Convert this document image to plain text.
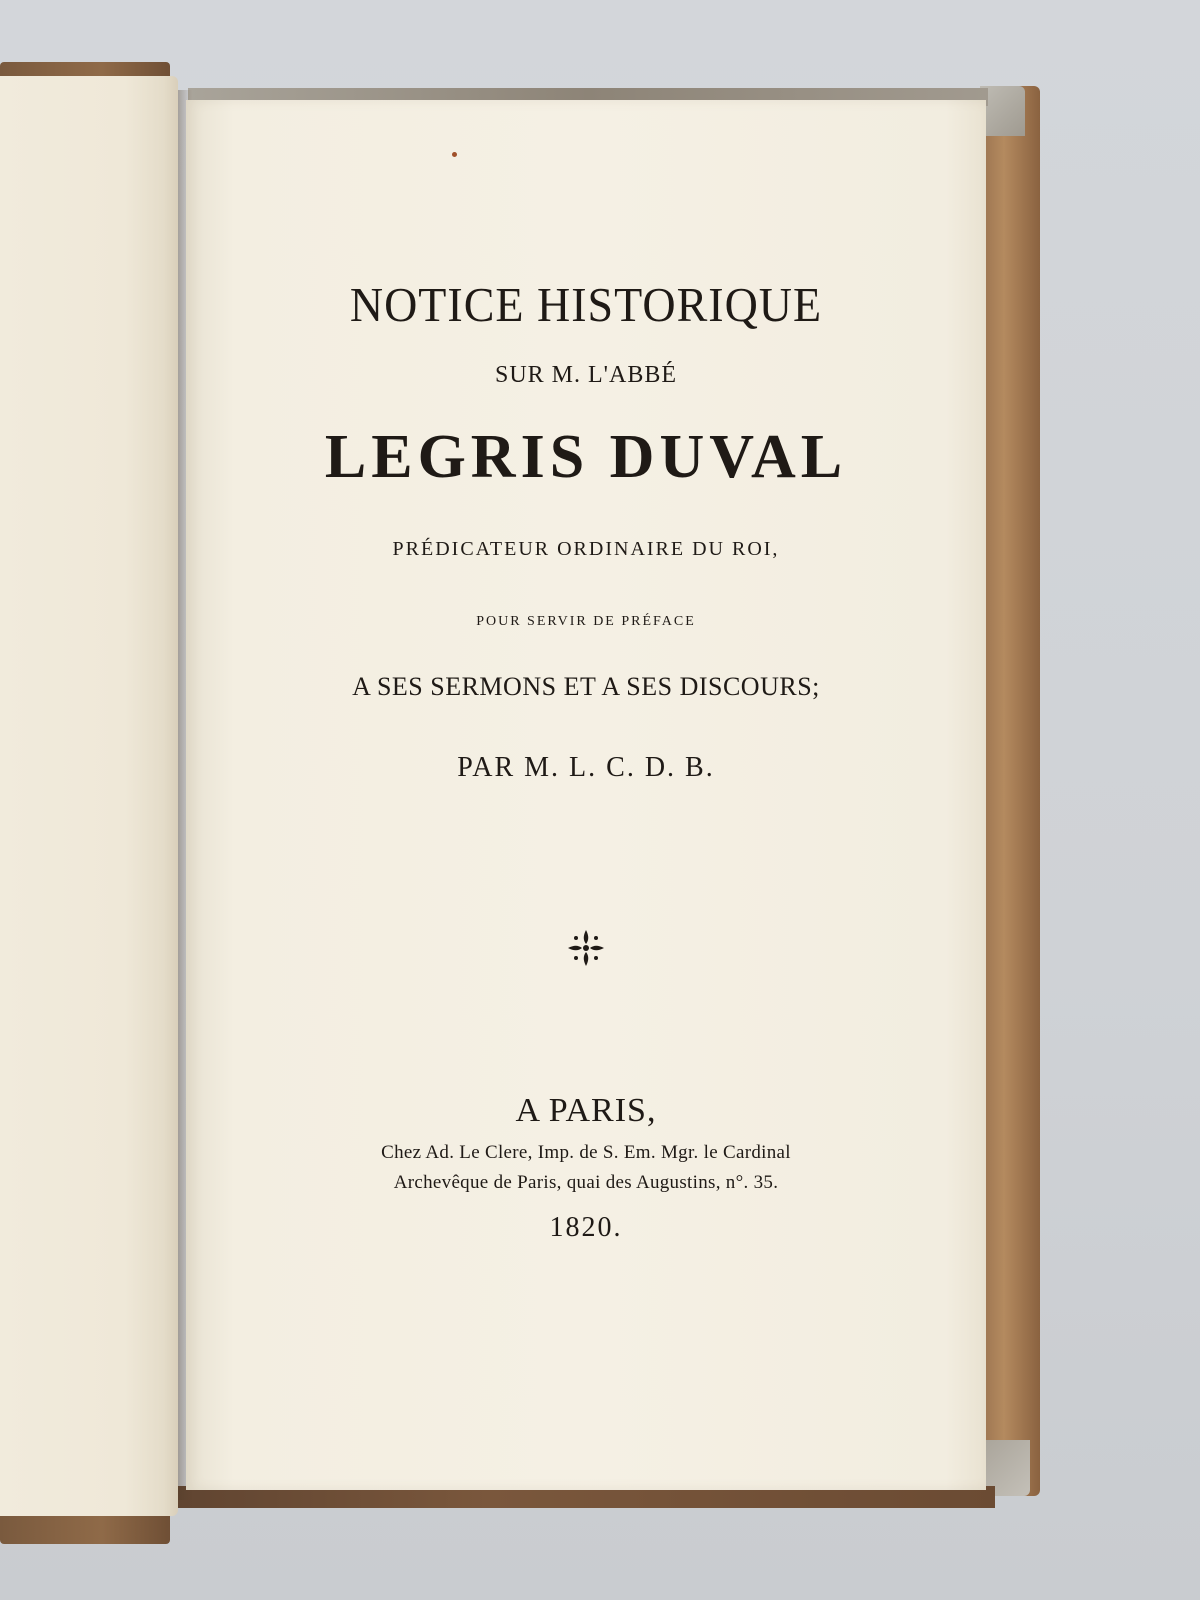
NOTICE HISTORIQUE
SUR M. L'ABBÉ
LEGRIS DUVAL
PRÉDICATEUR ORDINAIRE DU ROI,
POUR SERVIR DE PRÉFACE
A SES SERMONS ET A SES DISCOURS;
PAR M. L. C. D. B.
A PARIS,
Chez Ad. Le Clere, Imp. de S. Em. Mgr. le Cardinal
Archevêque de Paris, quai des Augustins, n°. 35.
1820.
